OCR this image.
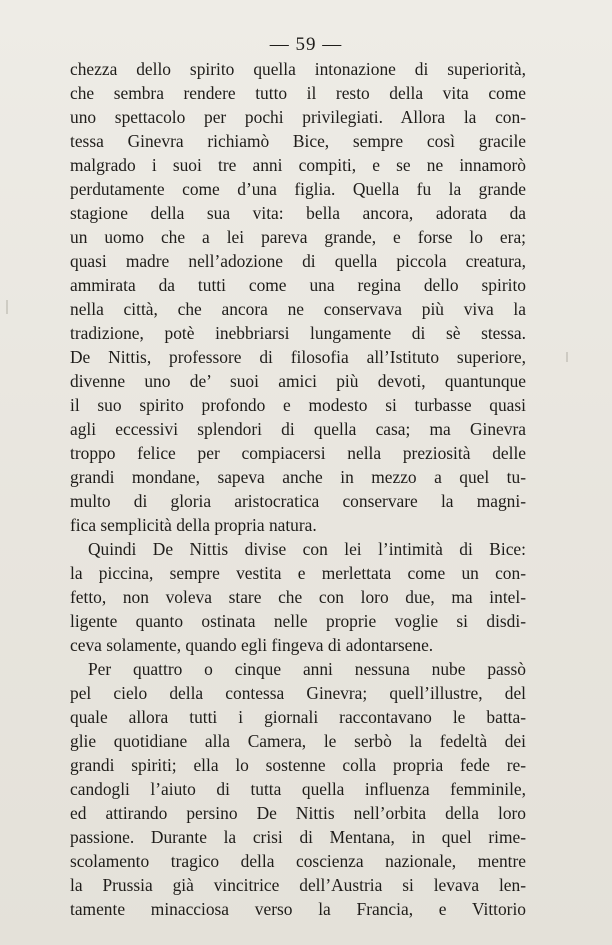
— 59 —
chezza dello spirito quella intonazione di superiorità,
che sembra rendere tutto il resto della vita come
uno spettacolo per pochi privilegiati. Allora la con-
tessa Ginevra richiamò Bice, sempre così gracile
malgrado i suoi tre anni compiti, e se ne innamorò
perdutamente come d’una figlia. Quella fu la grande
stagione della sua vita: bella ancora, adorata da
un uomo che a lei pareva grande, e forse lo era;
quasi madre nell’adozione di quella piccola creatura,
ammirata da tutti come una regina dello spirito
nella città, che ancora ne conservava più viva la
tradizione, potè inebbriarsi lungamente di sè stessa.
De Nittis, professore di filosofia all’Istituto superiore,
divenne uno de’ suoi amici più devoti, quantunque
il suo spirito profondo e modesto si turbasse quasi
agli eccessivi splendori di quella casa; ma Ginevra
troppo felice per compiacersi nella preziosità delle
grandi mondane, sapeva anche in mezzo a quel tu-
multo di gloria aristocratica conservare la magni-
fica semplicità della propria natura.
Quindi De Nittis divise con lei l’intimità di Bice:
la piccina, sempre vestita e merlettata come un con-
fetto, non voleva stare che con loro due, ma intel-
ligente quanto ostinata nelle proprie voglie si disdi-
ceva solamente, quando egli fingeva di adontarsene.
Per quattro o cinque anni nessuna nube passò
pel cielo della contessa Ginevra; quell’illustre, del
quale allora tutti i giornali raccontavano le batta-
glie quotidiane alla Camera, le serbò la fedeltà dei
grandi spiriti; ella lo sostenne colla propria fede re-
candogli l’aiuto di tutta quella influenza femminile,
ed attirando persino De Nittis nell’orbita della loro
passione. Durante la crisi di Mentana, in quel rime-
scolamento tragico della coscienza nazionale, mentre
la Prussia già vincitrice dell’Austria si levava len-
tamente minacciosa verso la Francia, e Vittorio
